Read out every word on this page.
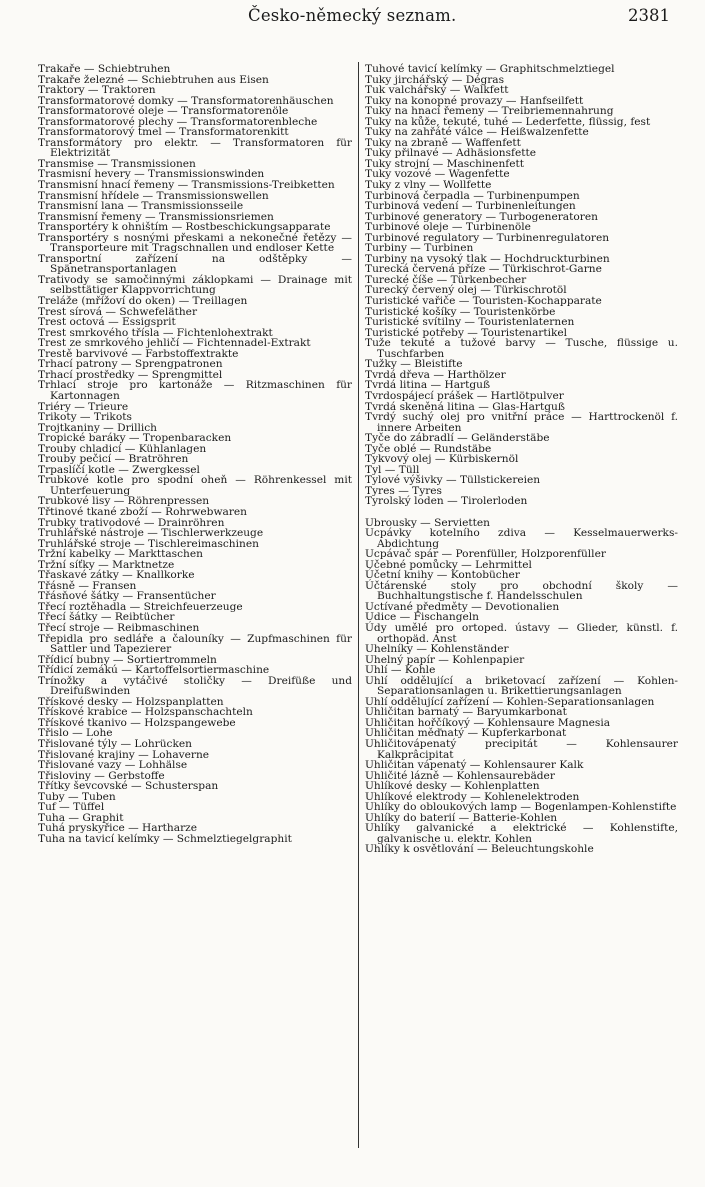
Česko-německý seznam.	2381
Trakaře — Schiebtruhen
Trakaře železné — Schiebtruhen aus Eisen
Traktory — Traktoren
Transformatorové domky — Transformatorenhäuschen
Transformatorové oleje — Transformatorenöle
Transformatorové plechy — Transformatorenbleche
Transformatorový tmel — Transformatorenkitt
Transformátory pro elektr. — Transformatoren für Elektrizität
Transmise — Transmissionen
Trasmisní hevery — Transmissionswinden
Transmisní hnací řemeny — Transmissions-Treibketten
Transmisní hřídele — Transmissionswellen
Transmisní lana — Transmissionsseile
Transmisní řemeny — Transmissionsriemen
Transportéry k ohništím — Rostbeschickungsapparate
Transportéry s nosnými přeskami a nekonečné řetězy — Transporteure mit Tragschnallen und endloser Kette
Transportní zařízení na odštěpky — Spänetransportanlagen
Trativody se samočinnými záklopkami — Drainage mit selbsttätiger Klappvorrichtung
Treláže (mřížoví do oken) — Treillagen
Trest sírová — Schwefeläther
Trest octová — Essigsprit
Trest smrkového tříslа — Fichtenlohextrakt
Trest ze smrkového jehličí — Fichtennadel-Extrakt
Trestě barvivové — Farbstoffextrakte
Trhací patrony — Sprengpatronen
Trhací prostředky — Sprengmittel
Trhlací stroje pro kartonáže — Ritzmaschinen für Kartonnagen
Triéry — Trieure
Trikoty — Trikots
Trojtkaniny — Drillich
Tropické baráky — Tropenbaracken
Trouby chladicí — Kühlanlagen
Trouby pečicí — Bratröhren
Trpaslíčí kotle — Zwergkessel
Trubkové kotle pro spodní oheň — Röhrenkessel mit Unterfeuerung
Trubkové lisy — Röhrenpressen
Třtinové tkané zboží — Rohrwebwaren
Trubky trativodové — Drainröhren
Truhlářské nástroje — Tischlerwerkzeuge
Truhlářské stroje — Tischlereimaschinen
Tržní kabelky — Markttaschen
Tržní síťky — Marktnetze
Třaskavé zátky — Knallkorke
Třásně — Fransen
Třásňové šátky — Fransentücher
Třecí roztěhadla — Streichfeuerzeuge
Třecí šátky — Reibtücher
Třecí stroje — Reibmaschinen
Třepidla pro sedláře a čalouníky — Zupfmaschinen für Sattler und Tapezierer
Třídicí bubny — Sortiertrommeln
Třídicí zemákú — Kartoffelsortiermaschine
Trínožky a vytáčivé stoličky — Dreifüße und Dreifußwinden
Třískové desky — Holzspanplatten
Třískové krabice — Holzspanschachteln
Třískové tkanivo — Holzspangewebe
Třislo — Lohe
Třislované týly — Lohrücken
Třislované krajiny — Lohaverne
Třislované vazy — Lohhälse
Třisloviny — Gerbstoffe
Třítky ševcovské — Schusterspan
Tuby — Tuben
Tuf — Tüffel
Tuha — Graphit
Tuhá pryskyřice — Hartharze
Tuha na tavicí kelímky — Schmelztiegelgraphit
Tuhové tavicí kelímky — Graphitschmelztiegel
Tuky jirchářský — Dégras
Tuk valchářský — Walkfett
Tuky na konopné provazy — Hanfseilfett
Tuky na hnací řemeny — Treibriemennahrung
Tuky na kůže, tekuté, tuhé — Lederfette, flüssig, fest
Tuky na zahřáté válce — Heißwalzenfette
Tuky na zbraně — Waffenfett
Tuky přilnavé — Adhäsionsfette
Tuky strojní — Maschinenfett
Tuky vozové — Wagenfette
Tuky z vlny — Wollfette
Turbinová čerpadla — Turbinenpumpen
Turbinová vedení — Turbinenleitungen
Turbinové generatory — Turbogeneratoren
Turbinové oleje — Turbinenöle
Turbinové regulatory — Turbinenregulatoren
Turbiny — Turbinen
Turbiny na vysoký tlak — Hochdruckturbinen
Turecká červená příze — Türkischrot-Garne
Turecké číše — Türkenbecher
Turecký červený olej — Türkischrotöl
Turistické vařiče — Touristen-Kochapparate
Turistické košíky — Touristenkörbe
Turistické svítilny — Touristenlaternen
Turistické potřeby — Touristenartikel
Tuže tekuté a tužové barvy — Tusche, flüssige u. Tuschfarben
Tužky — Bleistifte
Tvrdá dřeva — Harthölzer
Tvrdá litina — Hartguß
Tvrdospájecí prášek — Hartlötpulver
Tvrdá skeněná litina — Glas-Hartguß
Tvrdý suchý olej pro vnitřní práce — Harttrockenöl f. innere Arbeiten
Tyče do zábradlí — Geländerstäbe
Tyče oblé — Rundstäbe
Tykvový olej — Kürbiskernöl
Tyl — Tüll
Tylové výšivky — Tüllstickereien
Tyres — Tyres
Tyrolský loden — Tirolerloden
Ubrousky — Servietten
Ucpávky kotelního zdiva — Kesselmauerwerks-Abdichtung
Ucpávač spár — Porenfüller, Holzporenfüller
Učebné pomůcky — Lehrmittel
Účetní knihy — Kontobücher
Účtárenské stoly pro obchodní školy — Buchhaltungstische f. Handelsschulen
Uctívané předměty — Devotionalien
Udice — Fischangeln
Údy umělé pro ortoped. ústavy — Glieder, künstl. f. orthopäd. Anst
Uhelníky — Kohlenständer
Uhelný papír — Kohlenpapier
Uhlí — Kohle
Uhlí oddělující a briketovací zařízení — Kohlen-Separationsanlagen u. Brikettierungsanlagen
Uhlí oddělující zařízení — Kohlen-Separationsanlagen
Uhličitan barnatý — Baryumkarbonat
Uhličitan hořčíkový — Kohlensaure Magnesia
Uhličitan měďnatý — Kupferkarbonat
Uhličitovápenatý precipitát — Kohlensaurer Kalkprâcipitat
Uhličitan vápenatý — Kohlensaurer Kalk
Uhličité lázně — Kohlensaurebäder
Uhlíkové desky — Kohlenplatten
Uhlíkové elektrody — Kohlenelektroden
Uhlíky do obloukových lamp — Bogenlampen-Kohlenstifte
Uhlíky do baterií — Batterie-Kohlen
Uhlíky galvanické a elektrické — Kohlenstifte, galvanische u. elektr. Kohlen
Uhlíky k osvětlování — Beleuchtungskohle
